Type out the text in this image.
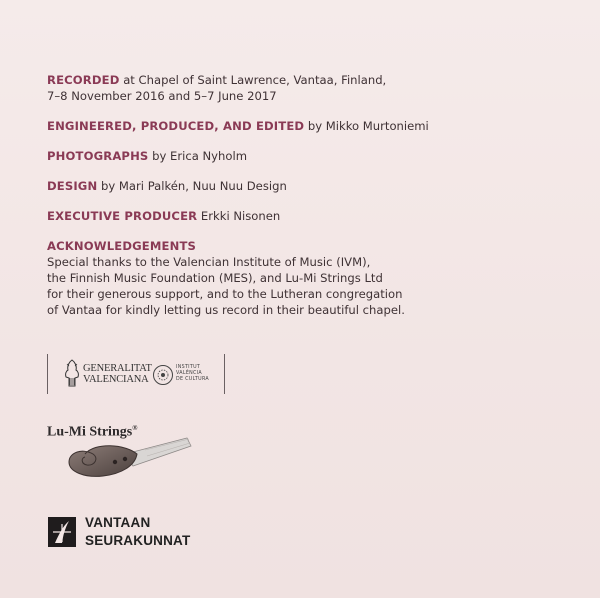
RECORDED at Chapel of Saint Lawrence, Vantaa, Finland,
7–8 November 2016 and 5–7 June 2017
ENGINEERED, PRODUCED, AND EDITED by Mikko Murtoniemi
PHOTOGRAPHS by Erica Nyholm
DESIGN by Mari Palkén, Nuu Nuu Design
EXECUTIVE PRODUCER Erkki Nisonen
ACKNOWLEDGEMENTS
Special thanks to the Valencian Institute of Music (IVM),
the Finnish Music Foundation (MES), and Lu-Mi Strings Ltd
for their generous support, and to the Lutheran congregation
of Vantaa for kindly letting us record in their beautiful chapel.
GENERALITAT
VALENCIANA
INSTITUT
VALÈNCIA
DE CULTURA
Lu-Mi Strings®
VANTAAN
SEURAKUNNAT
